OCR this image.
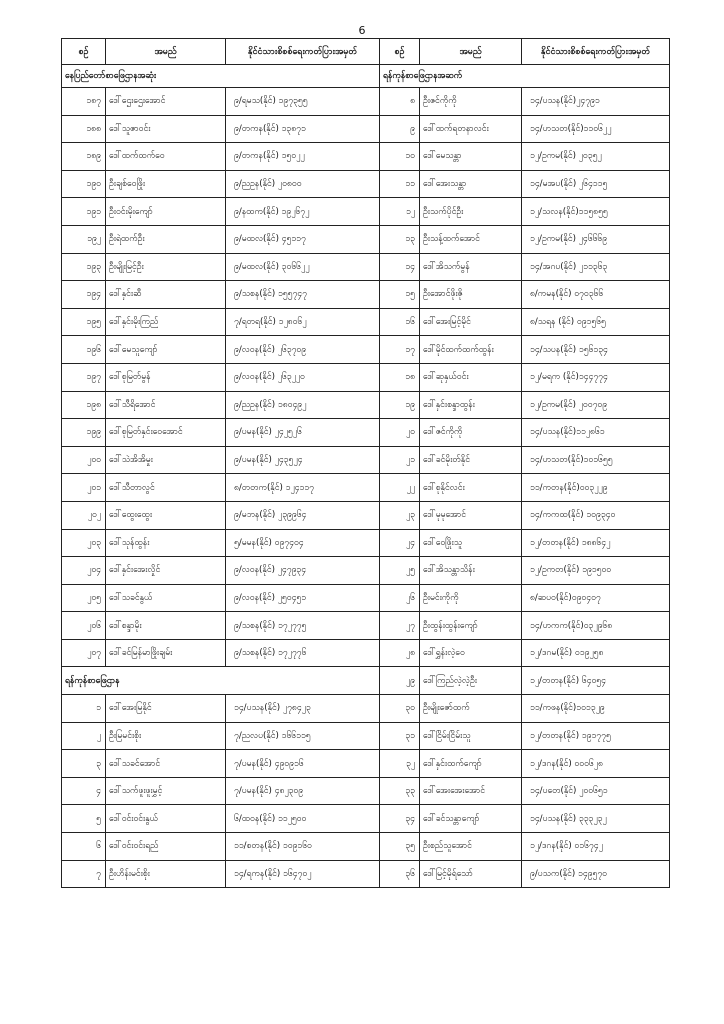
6
စဉ်	အမည်	နိုင်ငံသားစိစစ်ရေးကတ်ပြားအမှတ်	စဉ်	အမည်	နိုင်ငံသားစိစစ်ရေးကတ်ပြားအမှတ်
နေပြည်တော်စာဖြေဌာနအဆုံး			ရန်ကုန်စာဖြေဌာနအဆက်		
၁၈၇	ဒေါ်ဌေးဌေးအောင်	၉/ရမသ(နိုင်) ၁၉၇၃၅၅	၈	ဦးဇင်ကိုကို	၁၄/ပသန(နိုင်)၂၄၇၉၁
၁၈၈	ဒေါ်သူဇာဝင်း	၉/တကန(နိုင်) ၁၃၈၇၁	၉	ဒေါ်ထက်ရတနာလင်း	၁၄/ဟသတ(နိုင်)၁၁၀၆၂၂
၁၈၉	ဒေါ်ထက်ထက်ဝေ	၉/တကန(နိုင်) ၁၅၀၂၂	၁၀	ဒေါ်မေသန္တာ	၁၂/ဥကမ(နိုင်) ၂၀၃၅၂
၁၉၀	ဦးချစ်ဝေဖြိုး	၉/ညဥန(နိုင်) ၂၀၈၀၀	၁၁	ဒေါ်အေးသန္တာ	၁၄/မအပ(နိုင်) ၂၆၄၁၁၅
၁၉၁	ဦးဝင်းမိုးကျော်	၉/နထက(နိုင်) ၁၉၂၆၇၂	၁၂	ဦးသက်ပိုင်ဦး	၁၂/သလန(နိုင်)၁၁၅၈၅၅
၁၉၂	ဦးရဲထက်ဦး	၉/မထလ(နိုင်) ၄၅၁၁၇	၁၃	ဦးသန့်ထက်အောင်	၁၂/ဥကမ(နိုင်) ၂၄၆၆၆၉
၁၉၃	ဦးမျိုးမြင့်ဦး	၉/မထလ(နိုင်) ၃၀၆၆၂၂	၁၄	ဒေါ်အိသက်မွန်	၁၄/အဂပ(နိုင်) ၂၁၁၃၆၃
၁၉၄	ဒေါ်နှင်းဆီ	၉/သစန(နိုင်) ၁၅၅၇၄၇	၁၅	ဦးအောင်ဖိုးဇို	၈/ကမန(နိုင်) ၀၇၀၃၆၆
၁၉၅	ဒေါ်နှင်းမိုးကြည်	၇/ရတရ(နိုင်) ၁၂၈၀၆၂	၁၆	ဒေါ်အေးမြင့်မိုင်	၈/သရန (နိုင်) ၀၉၁၅၆၅
၁၉၆	ဒေါ်မေသူကျော်	၉/လဝန(နိုင်) ၂၆၃၇၀၉	၁၇	ဒေါ်မိုင်ထက်ထက်ထွန်း	၁၄/သပန(နိုင်) ၁၅၆၁၃၄
၁၉၇	ဒေါ်စုမြတ်မွန်	၉/လဝန(နိုင်) ၂၆၃၂၂၀	၁၈	ဒေါ်ဆုနှယ်ဝင်း	၁၂/မရက (နိုင်)၁၄၄၇၇၄
၁၉၈	ဒေါ်သီရိအောင်	၉/ညဥန(နိုင်) ၁၈၀၄၉၂	၁၉	ဒေါ်နှင်းစန္ဒာထွန်း	၁၂/ဥကမ(နိုင်) ၂၀၀၇၀၉
၁၉၉	ဒေါ်စုမြတ်နှင်းဝေအောင်	၉/ပမန(နိုင်) ၂၄၂၅၂၆	၂၀	ဒေါ်ဇင်ကိုကို	၁၄/ပသန(နိုင်)၁၁၂၈၆၁
၂၀၀	ဒေါ်သဲအိအိမှုး	၉/ပမန(နိုင်) ၂၄၃၅၂၄	၂၁	ဒေါ်ခင်မိုးတ်နိုင်	၁၄/ဟသတ(နိုင်)၁၀၁၆၅၅
၂၀၁	ဒေါ်သီတာလွင်	၈/တတက(နိုင်) ၁၂၄၁၁၇	၂၂	ဒေါ်စုနိုင်လင်း	၁၁/ကတန(နိုင်)၀၀၃၂၂၉
၂၀၂	ဒေါ်ထွေးထွေး	၉/မဘန(နိုင်) ၂၃၉၉၆၄	၂၃	ဒေါ်မုမုအောင်	၁၄/ကကထ(နိုင်) ၁၀၉၃၄၀
၂၀၃	ဒေါ်သုန်ထွန်း	၅/မမန(နိုင်) ၀၉၇၄၀၄	၂၄	ဒေါ်ဝေဖြိုးသူ	၁၂/တတန(နိုင်) ၁၈၈၆၄၂
၂၀၄	ဒေါ်နှင်းအေးလှိုင်	၉/လဝန(နိုင်) ၂၄၇၉၃၄	၂၅	ဒေါ်အိသန္တာသိန်း	၁၂/ဥကတ(နိုင်) ၁၉၁၅၀၀
၂၀၅	ဒေါ်သခင်နွယ်	၉/လဝန(နိုင်) ၂၅၀၄၅၁	၂၆	ဦးမင်းကိုကို	၈/ဆပဝ(နိုင်)၀၉၀၄၀၇
၂၀၆	ဒေါ်စန္ဒာမိုး	၉/သစန(နိုင်) ၁၇၂၇၇၅	၂၇	ဦးထွန်းထွန်းကျော်	၁၄/ဟကက(နိုင်)၀၃၂၉၆၈
၂၀၇	ဒေါ်ခင်မြန်မာဖြိုးချမ်း	၉/သစန(နိုင်) ၁၇၂၇၇၆	၂၈	ဒေါ်ရွှန်းလဲ့ဝေ	၁၂/ဒဂမ(နိုင်) ၀၁၉၂၅၈
ရန်ကုန်စာဖြေဌာန			၂၉	ဒေါ်ကြည်လဲ့လဲ့ဦး	၁၂/တတန(နိုင်) ၆၄၀၅၄
၁	ဒေါ်အေးမြနိုင်	၁၄/ပသန(နိုင်) ၂၇၈၄၂၃	၃၀	ဦးမျိုးဇော်ထက်	၁၁/ကဖန(နိုင်)၁၀၁၃၂၉
၂	ဦးမြမင်းစိုး	၇/ညလပ(နိုင်) ၁၆၆၁၁၅	၃၁	ဒေါ်ငြိမ်းငြိမ်းသူ	၁၂/တတန(နိုင်) ၁၉၁၇၇၅
၃	ဒေါ်သခင်အောင်	၇/ပမန(နိုင်) ၄၉၀၉၁၆	၃၂	ဒေါ်နှင်းထက်ကျော်	၁၂/ဒဂန(နိုင်) ၀၀၀၆၂၈
၄	ဒေါ်သက်ဖူးဖူးမွှင့်	၇/ပမန(နိုင်) ၄၈၂၃၀၉	၃၃	ဒေါ်အေးအေးအောင်	၁၄/ပတေ(နိုင်) ၂၀၀၆၅၁
၅	ဒေါ်ဝင်းဝင်းနွယ်	၆/ထဝန(နိုင်) ၁၁၂၅၀၀	၃၄	ဒေါ်ခင်သန္တာကျော်	၁၄/ပသန(နိုင်) ၃၃၃၂၃၂
၆	ဒေါ်ဝင်းဝင်းရည်	၁၁/စတန(နိုင်) ၁၀၉၁၆၀	၃၅	ဦးစည်သူအောင်	၁၂/ဒဂန(နိုင်) ၀၁၆၇၄၂
၇	ဦးဟိန်းမင်းစိုး	၁၄/ရကန(နိုင်) ၁၆၄၇၀၂	၃၆	ဒေါ်မြင့်မိုရ်သော်	၉/ပသက(နိုင်) ၁၄၉၅၇၀
